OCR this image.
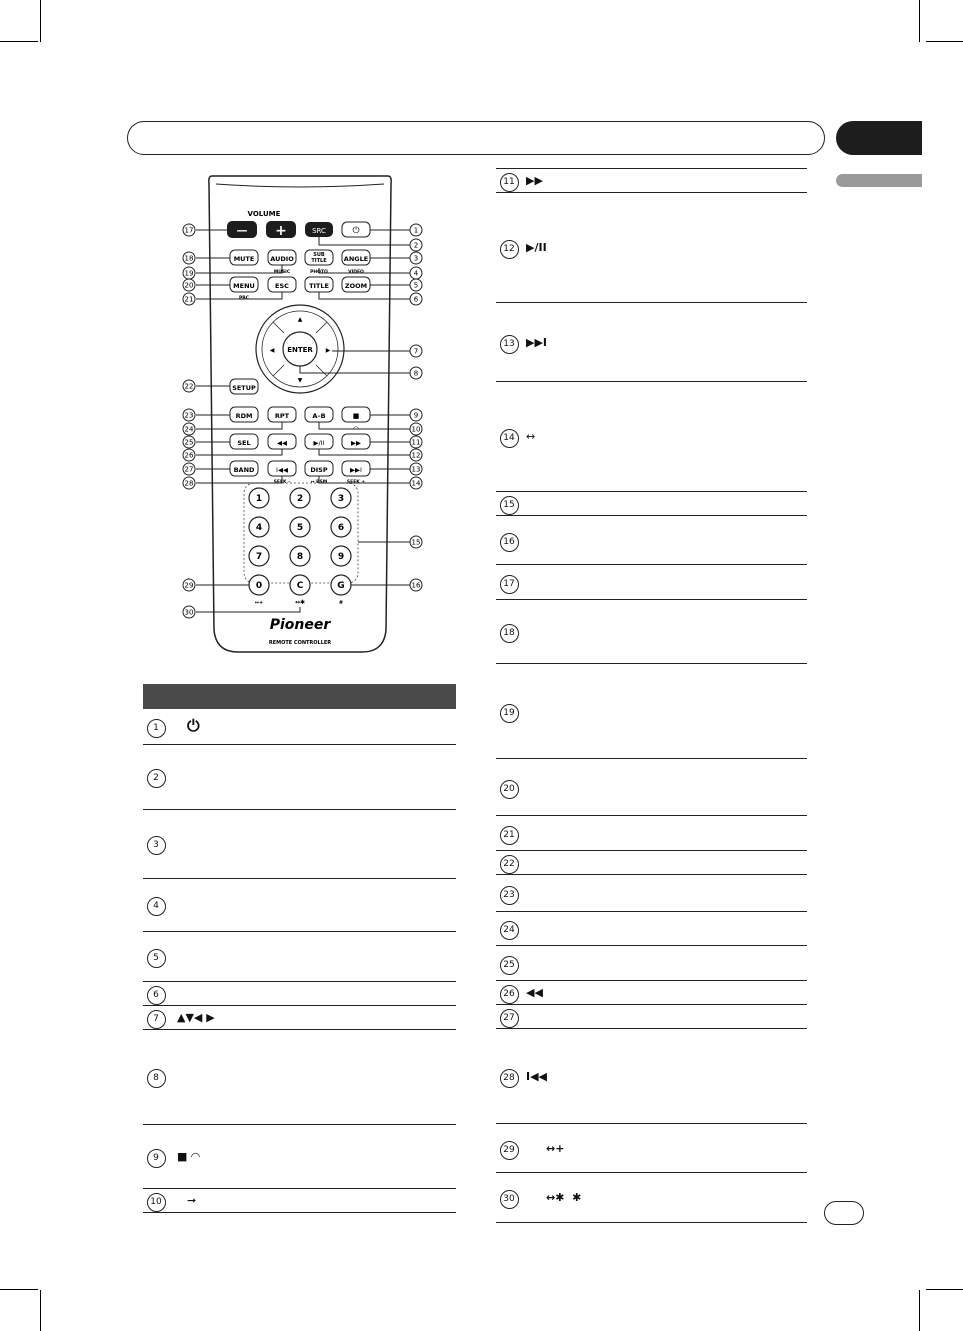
VOLUME
— +	SRC	⏻
MUTE AUDIO
MUSIC
SUB
TITLE
PHOTO
ANGLE
VIDEO
MENU
PBC
ESC	TITLE ZOOM
ENTER
▲
▼
◀	▶
SETUP
RDM	RPT	A–B	■
◠
SEL	◀◀	▶/II	▶▶
BAND	I◀◀
SEEK –
DISP
↔ BSM
▶▶I
SEEK +
1	2	3
4	5	6
7	8	9
0	C	G
↔+	↔✱	#
Pioneer
REMOTE CONTROLLER
1
2
3
4
5
6
7
8
9
10
11
12
13
14
15
16
17
18
19
20
21
22
23
24
25
26
27
28
29
30

1	⏻
2	
3	
4	
5	
6	
7	▲▼◀ ▶
8	
9	■ ◠
10	➞
11	▶▶
12	▶/II
13	▶▶I
14	↔
15	
16	
17	
18	
19	
20	
21	
22	
23	
24	
25	
26	◀◀
27	
28	I◀◀
29	↔+
30	↔✱  ✱
